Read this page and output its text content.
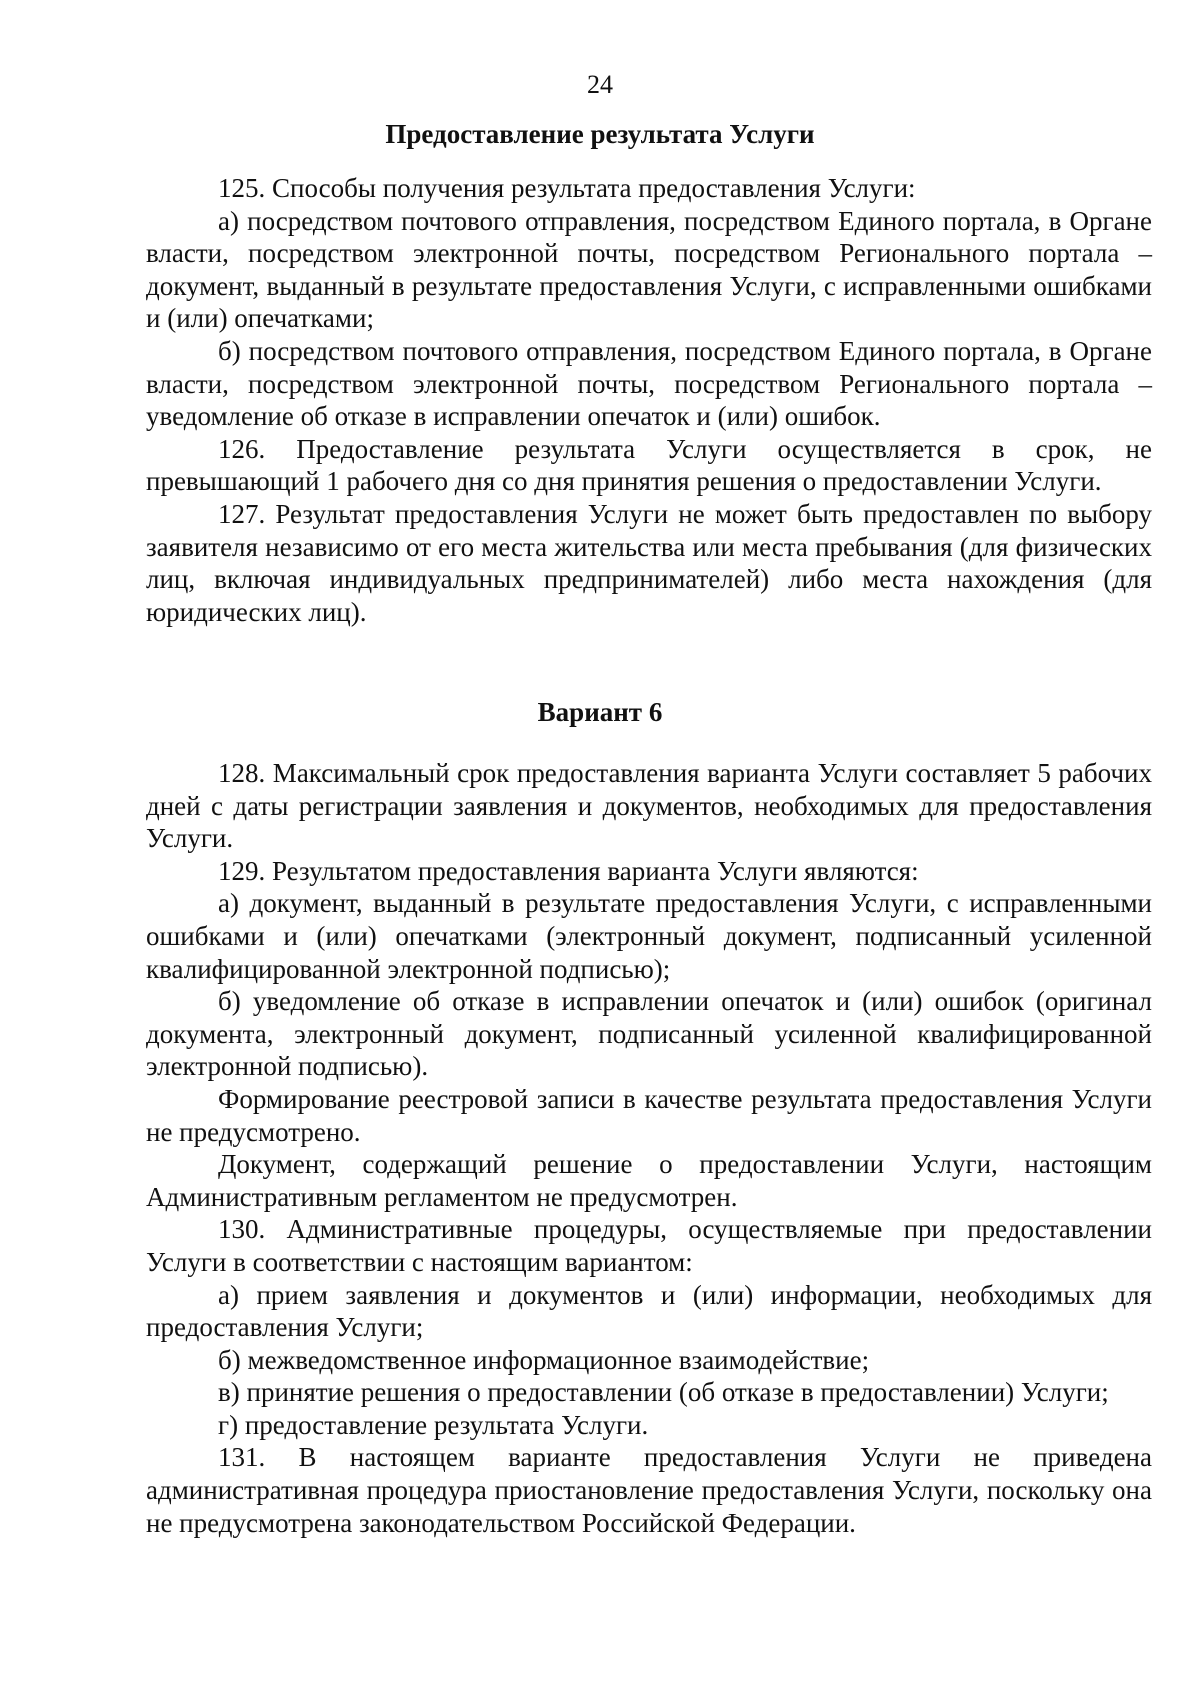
24
Предоставление результата Услуги

125. Способы получения результата предоставления Услуги:

а) посредством почтового отправления, посредством Единого портала, в Органе власти, посредством электронной почты, посредством Регионального портала – документ, выданный в результате предоставления Услуги, с исправленными ошибками и (или) опечатками;

б) посредством почтового отправления, посредством Единого портала, в Органе власти, посредством электронной почты, посредством Регионального портала – уведомление об отказе в исправлении опечаток и (или) ошибок.

126. Предоставление результата Услуги осуществляется в срок, не превышающий 1 рабочего дня со дня принятия решения о предоставлении Услуги.

127. Результат предоставления Услуги не может быть предоставлен по выбору заявителя независимо от его места жительства или места пребывания (для физических лиц, включая индивидуальных предпринимателей) либо места нахождения (для юридических лиц).

Вариант 6

128. Максимальный срок предоставления варианта Услуги составляет 5 рабочих дней с даты регистрации заявления и документов, необходимых для предоставления Услуги.

129. Результатом предоставления варианта Услуги являются:

а) документ, выданный в результате предоставления Услуги, с исправленными ошибками и (или) опечатками (электронный документ, подписанный усиленной квалифицированной электронной подписью);

б) уведомление об отказе в исправлении опечаток и (или) ошибок (оригинал документа, электронный документ, подписанный усиленной квалифицированной электронной подписью).

Формирование реестровой записи в качестве результата предоставления Услуги не предусмотрено.

Документ, содержащий решение о предоставлении Услуги, настоящим Административным регламентом не предусмотрен.

130. Административные процедуры, осуществляемые при предоставлении Услуги в соответствии с настоящим вариантом:

а) прием заявления и документов и (или) информации, необходимых для предоставления Услуги;

б) межведомственное информационное взаимодействие;

в) принятие решения о предоставлении (об отказе в предоставлении) Услуги;

г) предоставление результата Услуги.

131. В настоящем варианте предоставления Услуги не приведена административная процедура приостановление предоставления Услуги, поскольку она не предусмотрена законодательством Российской Федерации.
